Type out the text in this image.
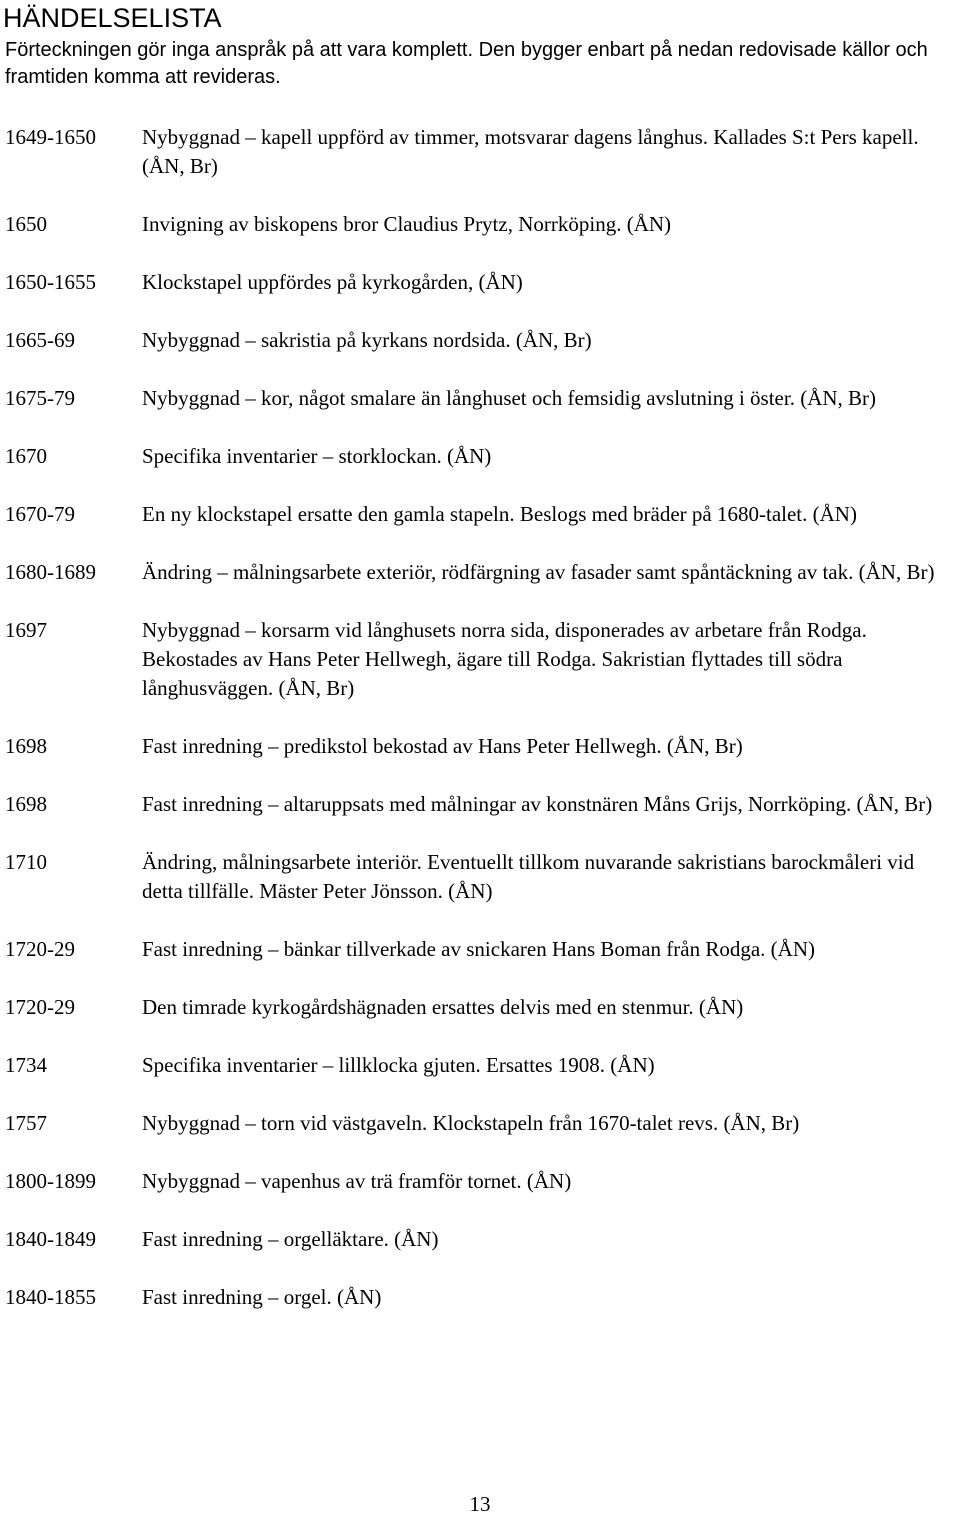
HÄNDELSELISTA
Förteckningen gör inga anspråk på att vara komplett. Den bygger enbart på nedan redovisade källor och framtiden komma att revideras.
1649-1650	Nybyggnad – kapell uppförd av timmer, motsvarar dagens långhus. Kallades S:t Pers kapell. (ÅN, Br)
1650	Invigning av biskopens bror Claudius Prytz, Norrköping. (ÅN)
1650-1655	Klockstapel uppfördes på kyrkogården, (ÅN)
1665-69	Nybyggnad – sakristia på kyrkans nordsida. (ÅN, Br)
1675-79	Nybyggnad – kor, något smalare än långhuset och femsidig avslutning i öster. (ÅN, Br)
1670	Specifika inventarier – storklockan. (ÅN)
1670-79	En ny klockstapel ersatte den gamla stapeln. Beslogs med bräder på 1680-talet. (ÅN)
1680-1689	Ändring – målningsarbete exteriör, rödfärgning av fasader samt spåntäckning av tak. (ÅN, Br)
1697	Nybyggnad – korsarm vid långhusets norra sida, disponerades av arbetare från Rodga. Bekostades av Hans Peter Hellwegh, ägare till Rodga. Sakristian flyttades till södra långhusväggen. (ÅN, Br)
1698	Fast inredning – predikstol bekostad av Hans Peter Hellwegh. (ÅN, Br)
1698	Fast inredning – altaruppsats med målningar av konstnären Måns Grijs, Norrköping. (ÅN, Br)
1710	Ändring, målningsarbete interiör. Eventuellt tillkom nuvarande sakristians barockmåleri vid detta tillfälle. Mäster Peter Jönsson. (ÅN)
1720-29	Fast inredning – bänkar tillverkade av snickaren Hans Boman från Rodga. (ÅN)
1720-29	Den timrade kyrkogårdshägnaden ersattes delvis med en stenmur. (ÅN)
1734	Specifika inventarier – lillklocka gjuten. Ersattes 1908. (ÅN)
1757	Nybyggnad – torn vid västgaveln. Klockstapeln från 1670-talet revs. (ÅN, Br)
1800-1899	Nybyggnad – vapenhus av trä framför tornet. (ÅN)
1840-1849	Fast inredning – orgelläktare. (ÅN)
1840-1855	Fast inredning – orgel. (ÅN)
13
